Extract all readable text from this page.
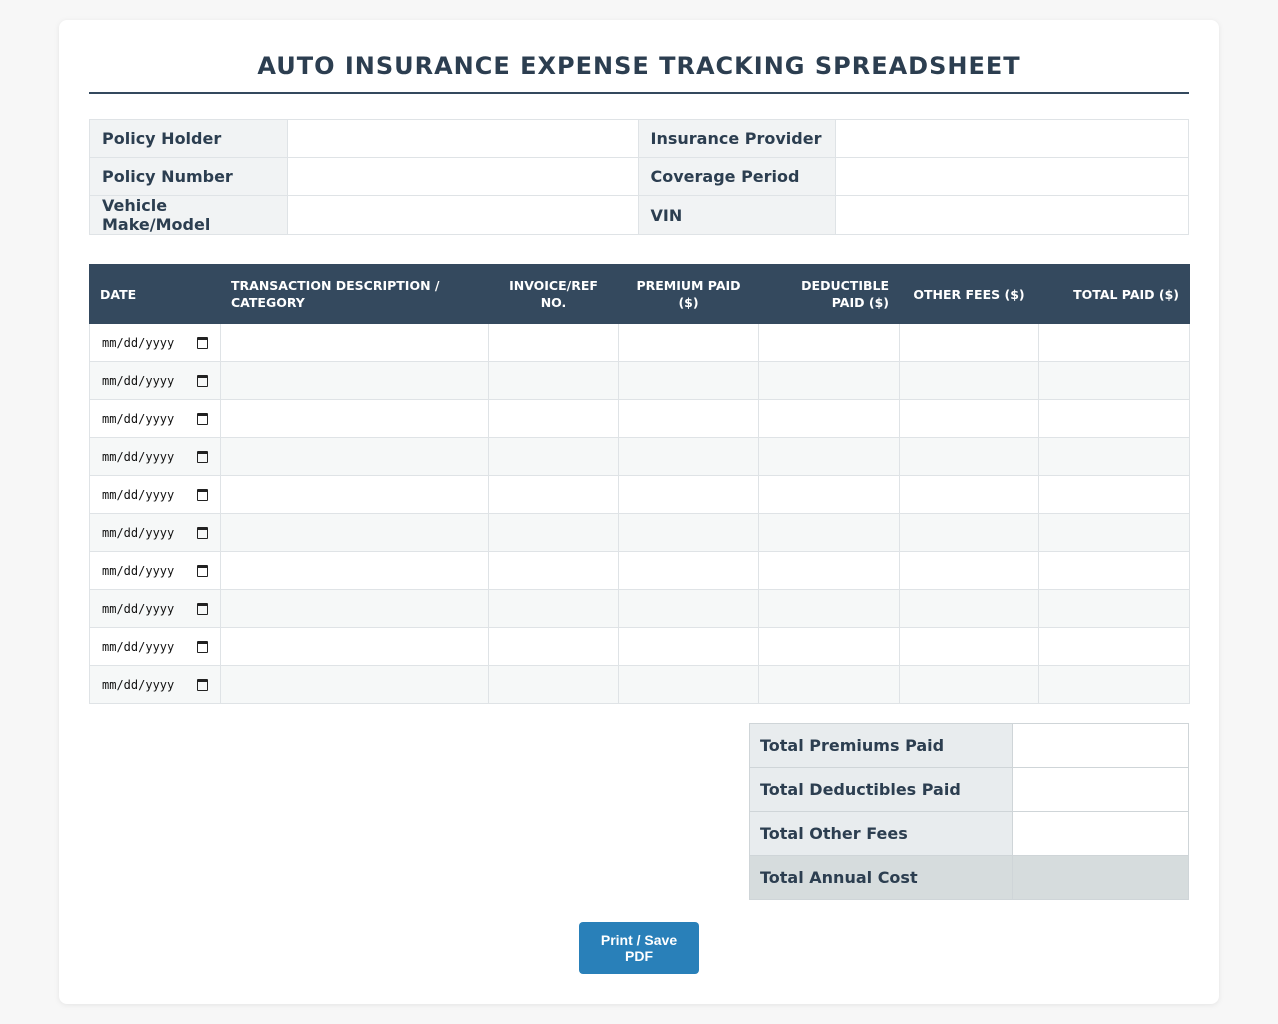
AUTO INSURANCE EXPENSE TRACKING SPREADSHEET
Policy Holder		Insurance Provider	
Policy Number		Coverage Period	
Vehicle Make/Model		VIN	
DATE	TRANSACTION DESCRIPTION / CATEGORY	INVOICE/REF NO.	PREMIUM PAID ($)	DEDUCTIBLE PAID ($)	OTHER FEES ($)	TOTAL PAID ($)

mm/dd/yyyy						

mm/dd/yyyy						

mm/dd/yyyy						

mm/dd/yyyy						

mm/dd/yyyy						

mm/dd/yyyy						

mm/dd/yyyy						

mm/dd/yyyy						

mm/dd/yyyy						

mm/dd/yyyy						

Total Premiums Paid	
Total Deductibles Paid	
Total Other Fees	
Total Annual Cost	
Print / Save PDF
